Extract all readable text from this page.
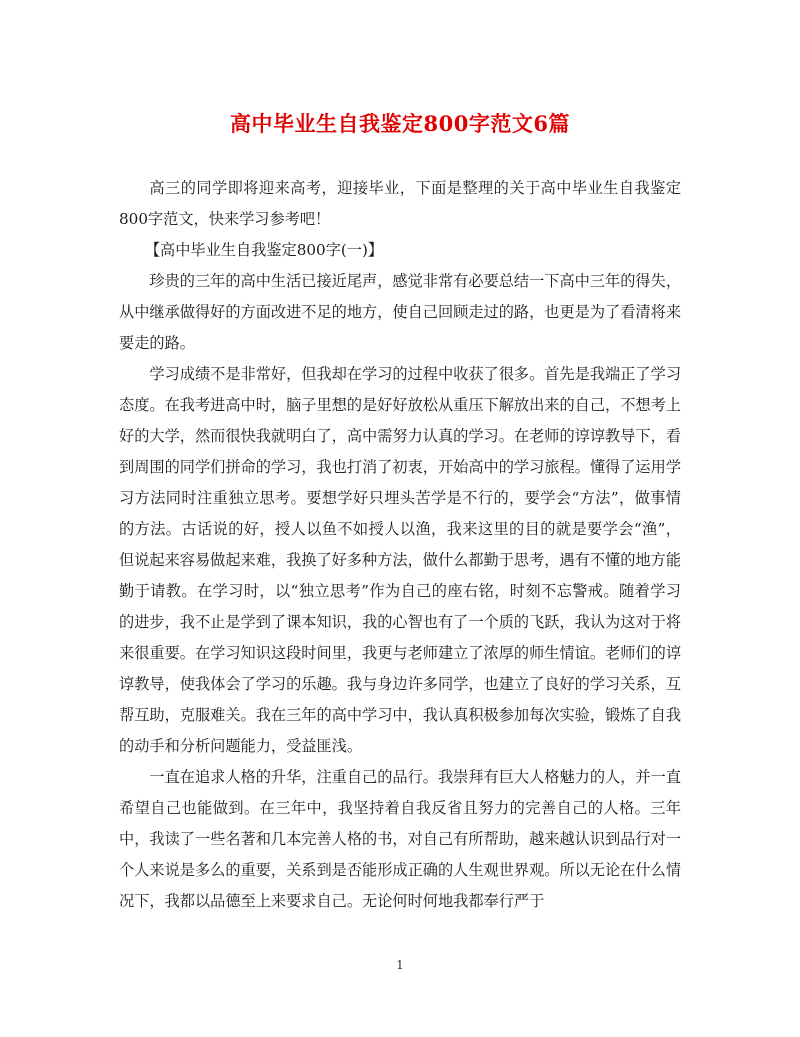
高中毕业生自我鉴定800字范文6篇

高三的同学即将迎来高考，迎接毕业，下面是整理的关于高中毕业生自我鉴定800字范文，快来学习参考吧！

【高中毕业生自我鉴定800字(一)】

珍贵的三年的高中生活已接近尾声，感觉非常有必要总结一下高中三年的得失，从中继承做得好的方面改进不足的地方，使自己回顾走过的路，也更是为了看清将来要走的路。

学习成绩不是非常好，但我却在学习的过程中收获了很多。首先是我端正了学习态度。在我考进高中时，脑子里想的是好好放松从重压下解放出来的自己，不想考上好的大学，然而很快我就明白了，高中需努力认真的学习。在老师的谆谆教导下，看到周围的同学们拼命的学习，我也打消了初衷，开始高中的学习旅程。懂得了运用学习方法同时注重独立思考。要想学好只埋头苦学是不行的，要学会“方法”，做事情的方法。古话说的好，授人以鱼不如授人以渔，我来这里的目的就是要学会“渔”，但说起来容易做起来难，我换了好多种方法，做什么都勤于思考，遇有不懂的地方能勤于请教。在学习时，以“独立思考”作为自己的座右铭，时刻不忘警戒。随着学习的进步，我不止是学到了课本知识，我的心智也有了一个质的飞跃，我认为这对于将来很重要。在学习知识这段时间里，我更与老师建立了浓厚的师生情谊。老师们的谆谆教导，使我体会了学习的乐趣。我与身边许多同学，也建立了良好的学习关系，互帮互助，克服难关。我在三年的高中学习中，我认真积极参加每次实验，锻炼了自我的动手和分析问题能力，受益匪浅。

一直在追求人格的升华，注重自己的品行。我崇拜有巨大人格魅力的人，并一直希望自己也能做到。在三年中，我坚持着自我反省且努力的完善自己的人格。三年中，我读了一些名著和几本完善人格的书，对自己有所帮助，越来越认识到品行对一个人来说是多么的重要，关系到是否能形成正确的人生观世界观。所以无论在什么情况下，我都以品德至上来要求自己。无论何时何地我都奉行严于

1
